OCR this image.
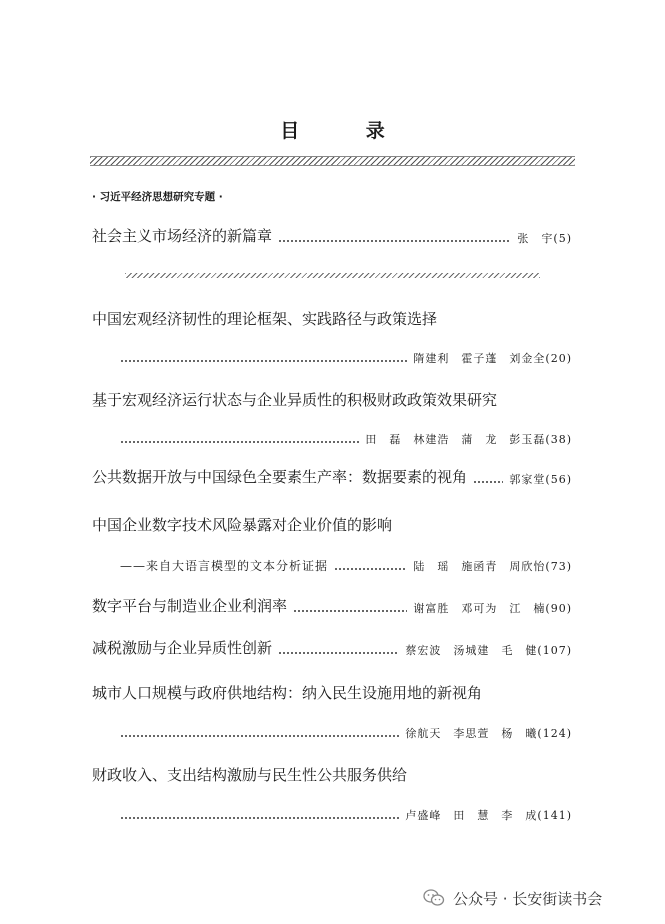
目 录
· 习近平经济思想研究专题 ·
社会主义市场经济的新篇章	张　宇(5)
中国宏观经济韧性的理论框架、实践路径与政策选择
隋建利　霍子蓬　刘金全(20)
基于宏观经济运行状态与企业异质性的积极财政政策效果研究
田　磊　林建浩　蒲　龙　彭玉磊(38)
公共数据开放与中国绿色全要素生产率：数据要素的视角	郭家堂(56)
中国企业数字技术风险暴露对企业价值的影响
——来自大语言模型的文本分析证据	陆　瑶　施函青　周欣怡(73)
数字平台与制造业企业利润率	谢富胜　邓可为　江　楠(90)
减税激励与企业异质性创新	蔡宏波　汤城建　毛　健(107)
城市人口规模与政府供地结构：纳入民生设施用地的新视角
徐航天　李思萱　杨　曦(124)
财政收入、支出结构激励与民生性公共服务供给
卢盛峰　田　慧　李　成(141)
公众号 · 长安街读书会
